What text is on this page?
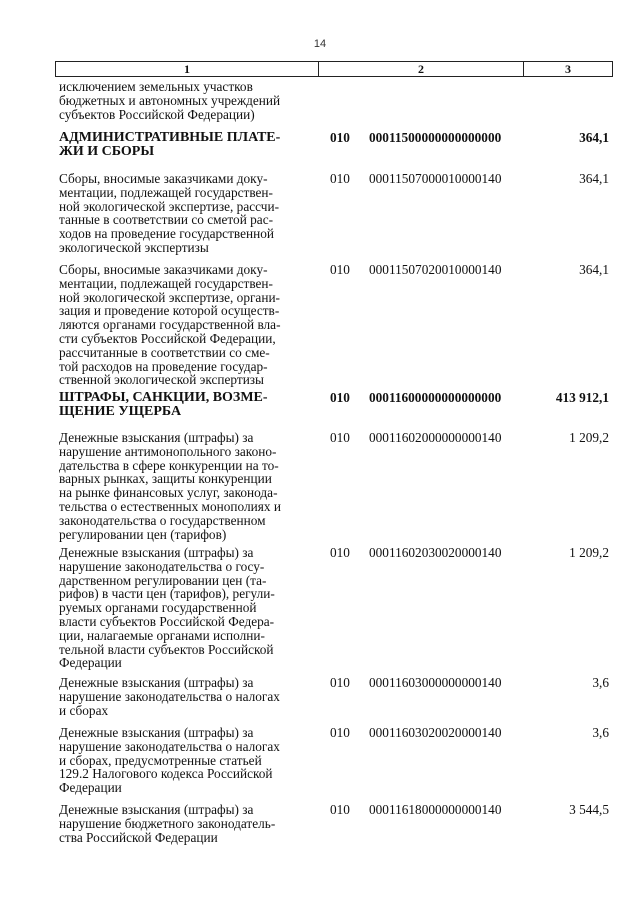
14
1	2	3
исключением земельных участков
бюджетных и автономных учреждений
субъектов Российской Федерации)
АДМИНИСТРАТИВНЫЕ ПЛАТЕ-
ЖИ И СБОРЫ
010 00011500000000000000	364,1
Сборы, вносимые заказчиками доку-
ментации, подлежащей государствен-
ной экологической экспертизе, рассчи-
танные в соответствии со сметой рас-
ходов на проведение государственной
экологической экспертизы
010 00011507000010000140	364,1
Сборы, вносимые заказчиками доку-
ментации, подлежащей государствен-
ной экологической экспертизе, органи-
зация и проведение которой осуществ-
ляются органами государственной вла-
сти субъектов Российской Федерации,
рассчитанные в соответствии со сме-
той расходов на проведение государ-
ственной экологической экспертизы
010 00011507020010000140	364,1
ШТРАФЫ, САНКЦИИ, ВОЗМЕ-
ЩЕНИЕ УЩЕРБА
010 00011600000000000000	413 912,1
Денежные взыскания (штрафы) за
нарушение антимонопольного законо-
дательства в сфере конкуренции на то-
варных рынках, защиты конкуренции
на рынке финансовых услуг, законода-
тельства о естественных монополиях и
законодательства о государственном
регулировании цен (тарифов)
010 00011602000000000140	1 209,2
Денежные взыскания (штрафы) за
нарушение законодательства о госу-
дарственном регулировании цен (та-
рифов) в части цен (тарифов), регули-
руемых органами государственной
власти субъектов Российской Федера-
ции, налагаемые органами исполни-
тельной власти субъектов Российской
Федерации
010 00011602030020000140	1 209,2
Денежные взыскания (штрафы) за
нарушение законодательства о налогах
и сборах
010 00011603000000000140	3,6
Денежные взыскания (штрафы) за
нарушение законодательства о налогах
и сборах, предусмотренные статьей
129.2 Налогового кодекса Российской
Федерации
010 00011603020020000140	3,6
Денежные взыскания (штрафы) за
нарушение бюджетного законодатель-
ства Российской Федерации
010 00011618000000000140	3 544,5
